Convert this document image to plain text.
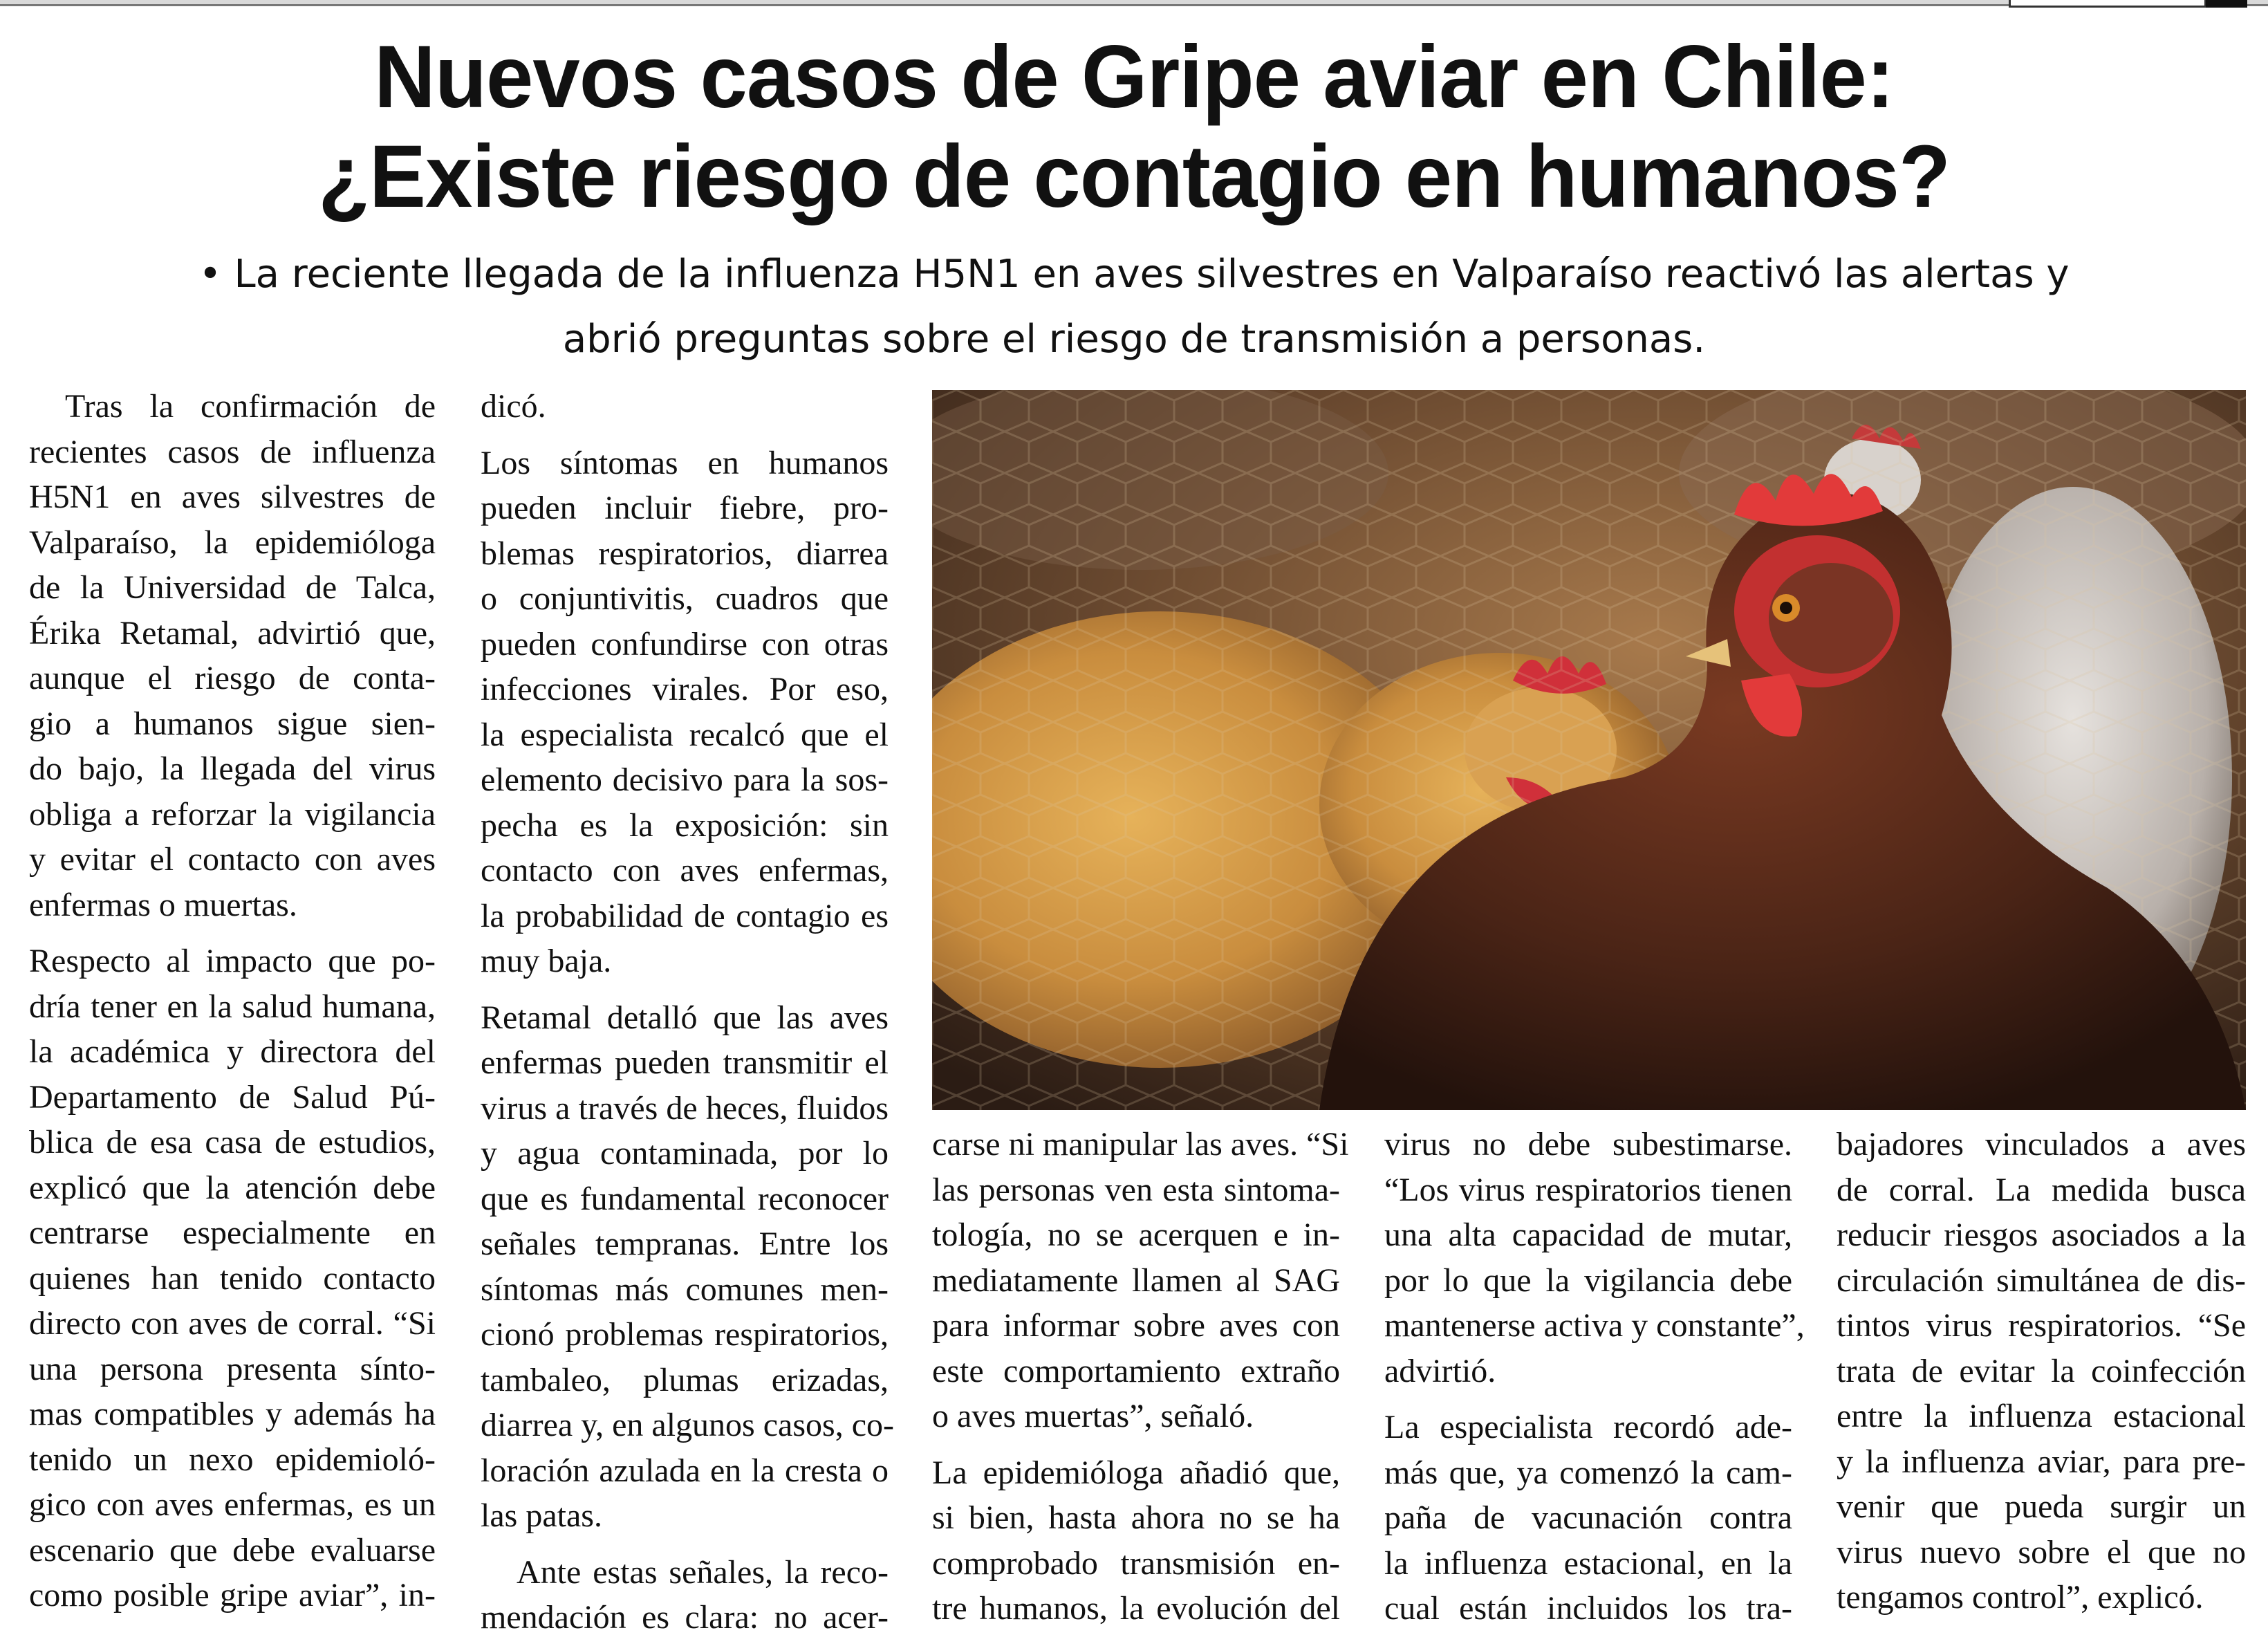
Nuevos casos de Gripe aviar en Chile:
¿Existe riesgo de contagio en humanos?
• La reciente llegada de la influenza H5N1 en aves silvestres en Valparaíso reactivó las alertas y
abrió preguntas sobre el riesgo de transmisión a personas.
Tras la confirmación de
recientes casos de influenza
H5N1 en aves silvestres de
Valparaíso, la epidemióloga
de la Universidad de Talca,
Érika Retamal, advirtió que,
aunque el riesgo de conta-
gio a humanos sigue sien-
do bajo, la llegada del virus
obliga a reforzar la vigilancia
y evitar el contacto con aves
enfermas o muertas.
Respecto al impacto que po-
dría tener en la salud humana,
la académica y directora del
Departamento de Salud Pú-
blica de esa casa de estudios,
explicó que la atención debe
centrarse especialmente en
quienes han tenido contacto
directo con aves de corral. “Si
una persona presenta sínto-
mas compatibles y además ha
tenido un nexo epidemioló-
gico con aves enfermas, es un
escenario que debe evaluarse
como posible gripe aviar”, in-
dicó.
Los síntomas en humanos
pueden incluir fiebre, pro-
blemas respiratorios, diarrea
o conjuntivitis, cuadros que
pueden confundirse con otras
infecciones virales. Por eso,
la especialista recalcó que el
elemento decisivo para la sos-
pecha es la exposición: sin
contacto con aves enfermas,
la probabilidad de contagio es
muy baja.
Retamal detalló que las aves
enfermas pueden transmitir el
virus a través de heces, fluidos
y agua contaminada, por lo
que es fundamental reconocer
señales tempranas. Entre los
síntomas más comunes men-
cionó problemas respiratorios,
tambaleo, plumas erizadas,
diarrea y, en algunos casos, co-
loración azulada en la cresta o
las patas.
Ante estas señales, la reco-
mendación es clara: no acer-
carse ni manipular las aves. “Si
las personas ven esta sintoma-
tología, no se acerquen e in-
mediatamente llamen al SAG
para informar sobre aves con
este comportamiento extraño
o aves muertas”, señaló.
La epidemióloga añadió que,
si bien, hasta ahora no se ha
comprobado transmisión en-
tre humanos, la evolución del
virus no debe subestimarse.
“Los virus respiratorios tienen
una alta capacidad de mutar,
por lo que la vigilancia debe
mantenerse activa y constante”,
advirtió.
La especialista recordó ade-
más que, ya comenzó la cam-
paña de vacunación contra
la influenza estacional, en la
cual están incluidos los tra-
bajadores vinculados a aves
de corral. La medida busca
reducir riesgos asociados a la
circulación simultánea de dis-
tintos virus respiratorios. “Se
trata de evitar la coinfección
entre la influenza estacional
y la influenza aviar, para pre-
venir que pueda surgir un
virus nuevo sobre el que no
tengamos control”, explicó.
